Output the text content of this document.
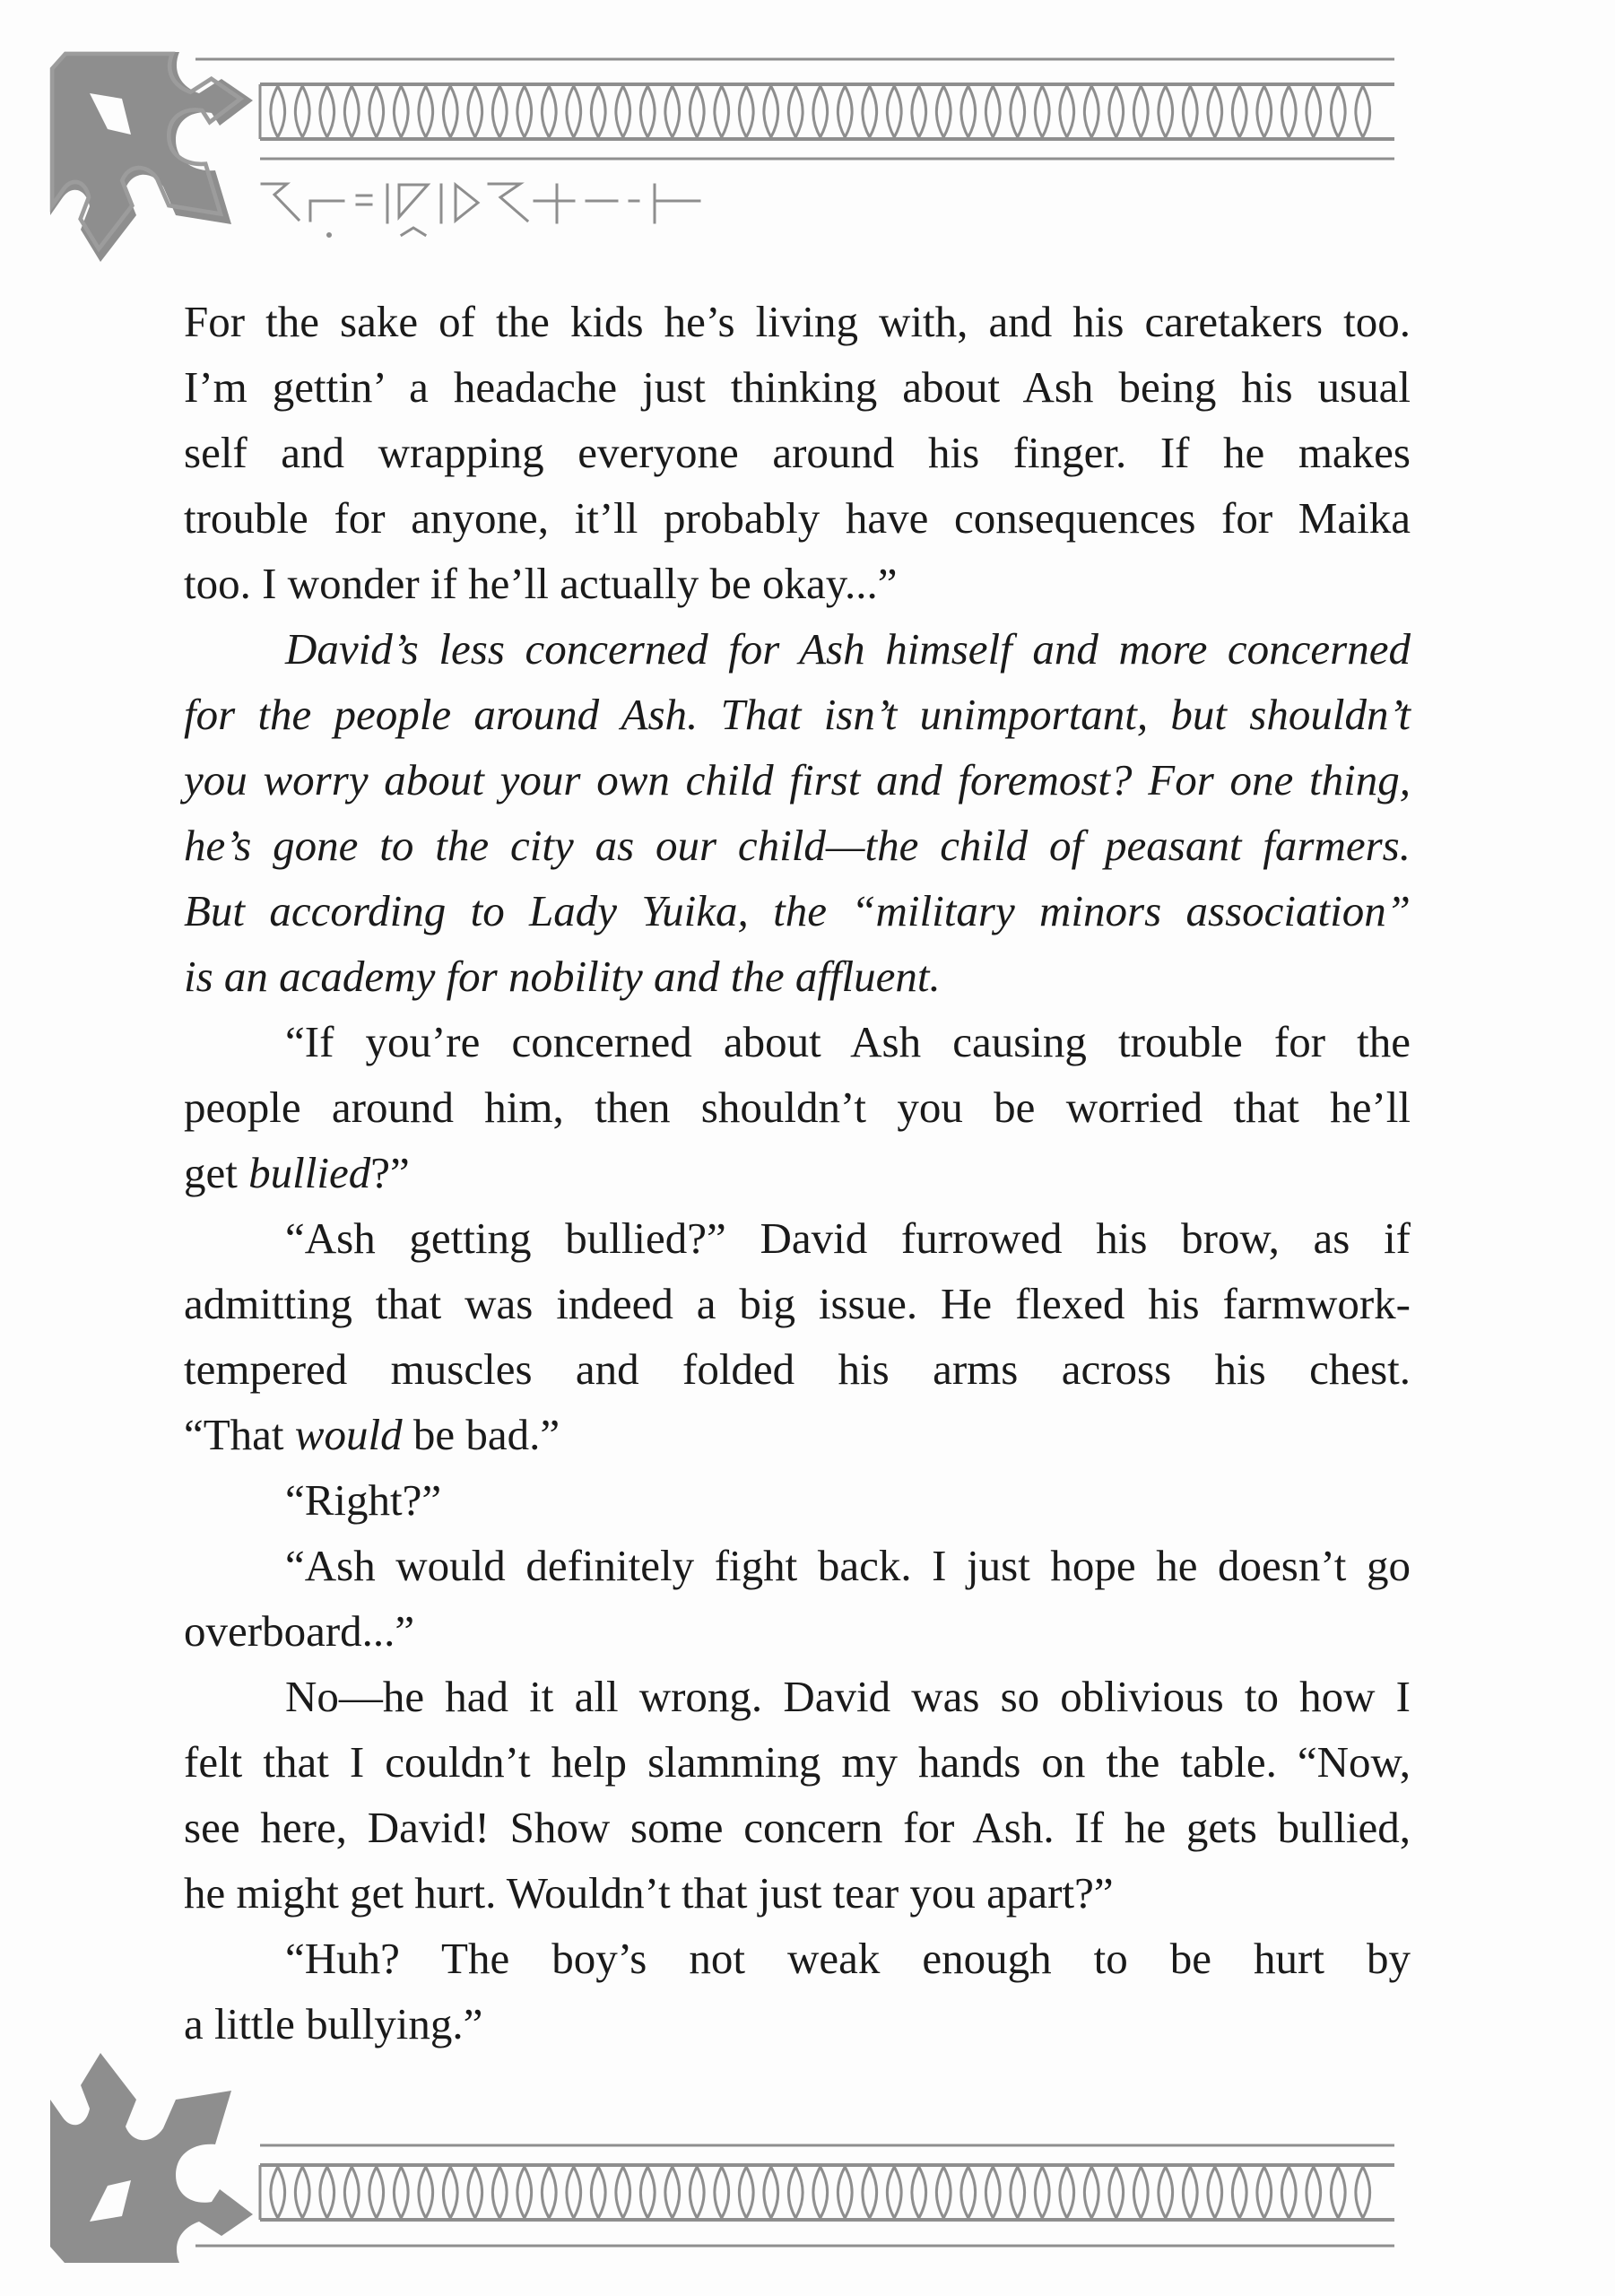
For the sake of the kids he’s living with, and his caretakers too.
I’m gettin’ a headache just thinking about Ash being his usual
self and wrapping everyone around his finger. If he makes
trouble for anyone, it’ll probably have consequences for Maika
too. I wonder if he’ll actually be okay...”

David’s less concerned for Ash himself and more concerned
for the people around Ash. That isn’t unimportant, but shouldn’t
you worry about your own child first and foremost? For one thing,
he’s gone to the city as our child—the child of peasant farmers.
But according to Lady Yuika, the “military minors association”
is an academy for nobility and the affluent.

“If you’re concerned about Ash causing trouble for the
people around him, then shouldn’t you be worried that he’ll
get bullied?”

“Ash getting bullied?” David furrowed his brow, as if
admitting that was indeed a big issue. He flexed his farmwork-
tempered muscles and folded his arms across his chest.
“That would be bad.”

“Right?”

“Ash would definitely fight back. I just hope he doesn’t go
overboard...”

No—he had it all wrong. David was so oblivious to how I
felt that I couldn’t help slamming my hands on the table. “Now,
see here, David! Show some concern for Ash. If he gets bullied,
he might get hurt. Wouldn’t that just tear you apart?”

“Huh? The boy’s not weak enough to be hurt by
a little bullying.”
